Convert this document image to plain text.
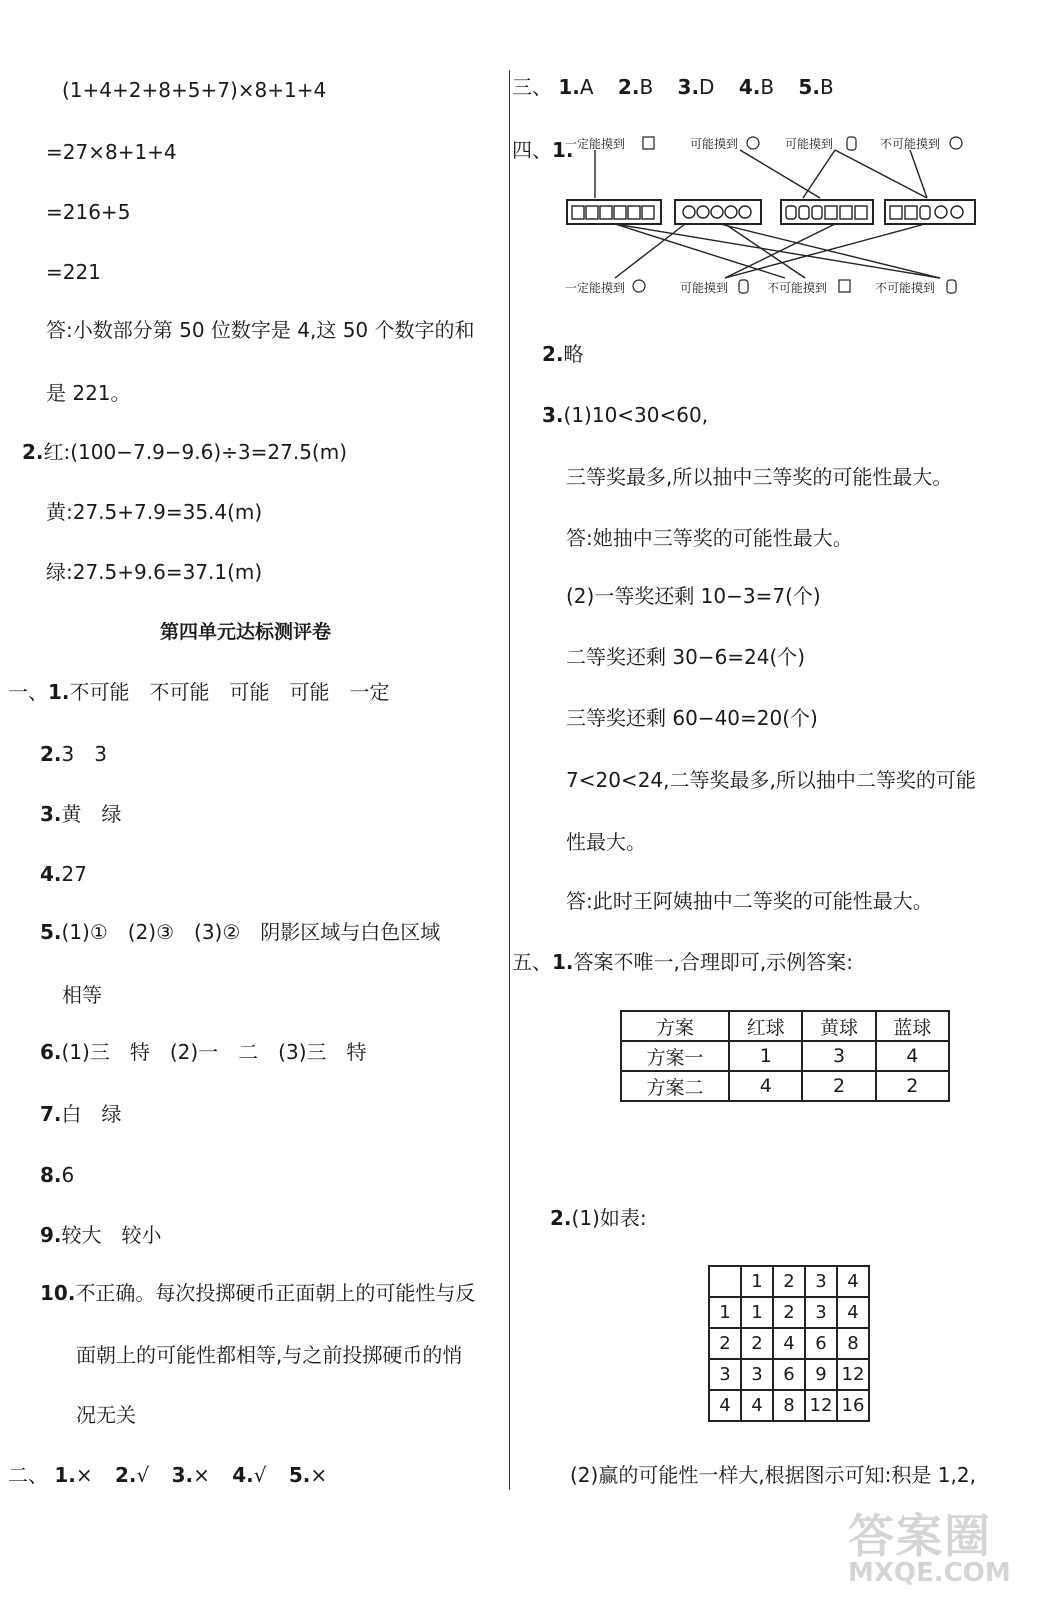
(1+4+2+8+5+7)×8+1+4
=27×8+1+4
=216+5
=221
答:小数部分第 50 位数字是 4,这 50 个数字的和
是 221。
2.红:(100−7.9−9.6)÷3=27.5(m)
黄:27.5+7.9=35.4(m)
绿:27.5+9.6=37.1(m)
第四单元达标测评卷
一、1.不可能　不可能　可能　可能　一定
2.3　3
3.黄　绿
4.27
5.(1)①　(2)③　(3)②　阴影区域与白色区域
相等
6.(1)三　特　(2)一　二　(3)三　特
7.白　绿
8.6
9.较大　较小
10.不正确。每次投掷硬币正面朝上的可能性与反
面朝上的可能性都相等,与之前投掷硬币的悄
况无关
二、 1.× 2.√ 3.× 4.√ 5.×
三、 1.A 2.B 3.D 4.B 5.B
四、1.
一定能摸到	可能摸到	可能摸到	不可能摸到
一定能摸到	可能摸到	不可能摸到	不可能摸到
2.略
3.(1)10<30<60,
三等奖最多,所以抽中三等奖的可能性最大。
答:她抽中三等奖的可能性最大。
(2)一等奖还剩 10−3=7(个)
二等奖还剩 30−6=24(个)
三等奖还剩 60−40=20(个)
7<20<24,二等奖最多,所以抽中二等奖的可能
性最大。
答:此时王阿姨抽中二等奖的可能性最大。
五、1.答案不唯一,合理即可,示例答案:
方案	红球	黄球	蓝球
方案一	1	3	4
方案二	4	2	2
2.(1)如表:
	1	2	3	4
1	1	2	3	4
2	2	4	6	8
3	3	6	9	12
4	4	8	12	16
(2)赢的可能性一样大,根据图示可知:积是 1,2,
答案圈
MXQE.COM
